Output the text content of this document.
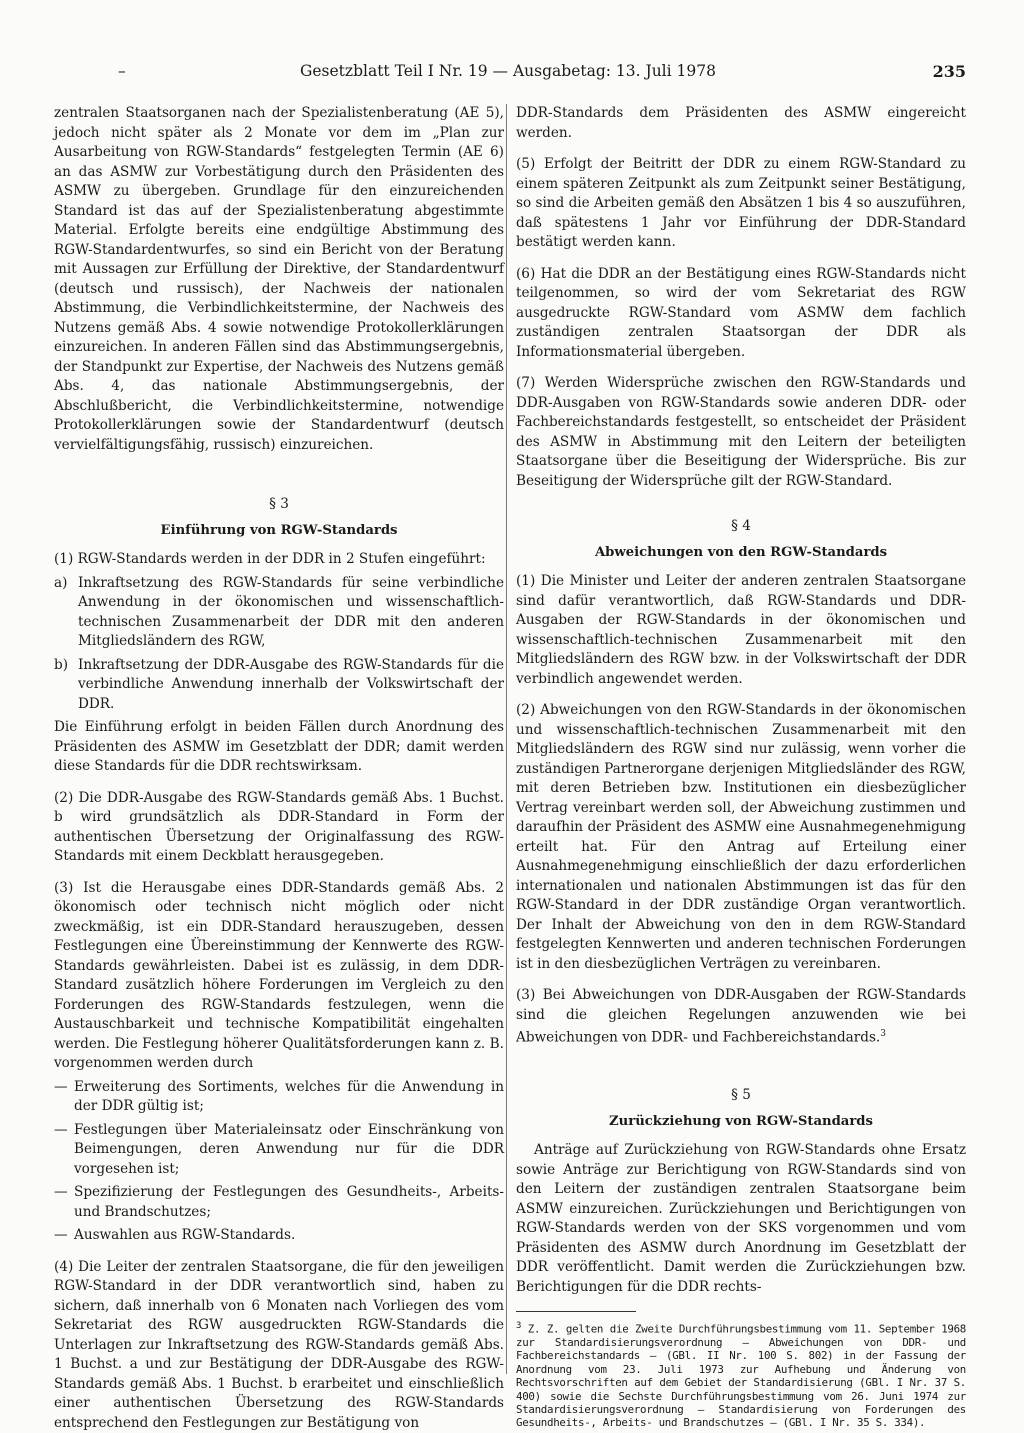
–	Gesetzblatt Teil I Nr. 19 — Ausgabetag: 13. Juli 1978	235

zentralen Staatsorganen nach der Spezialistenberatung (AE 5), jedoch nicht später als 2 Monate vor dem im „Plan zur Ausarbeitung von RGW-Standards“ festgelegten Termin (AE 6) an das ASMW zur Vorbestätigung durch den Präsidenten des ASMW zu übergeben. Grundlage für den einzureichenden Standard ist das auf der Spezialistenberatung abgestimmte Material. Erfolgte bereits eine endgültige Abstimmung des RGW-Standardentwurfes, so sind ein Bericht von der Beratung mit Aussagen zur Erfüllung der Direktive, der Standardentwurf (deutsch und russisch), der Nachweis der nationalen Abstimmung, die Verbindlichkeitstermine, der Nachweis des Nutzens gemäß Abs. 4 sowie notwendige Protokollerklärungen einzureichen. In anderen Fällen sind das Abstimmungsergebnis, der Standpunkt zur Expertise, der Nachweis des Nutzens gemäß Abs. 4, das nationale Abstimmungsergebnis, der Abschlußbericht, die Verbindlichkeitstermine, notwendige Protokollerklärungen sowie der Standardentwurf (deutsch vervielfältigungsfähig, russisch) einzureichen.

§ 3

Einführung von RGW-Standards

(1) RGW-Standards werden in der DDR in 2 Stufen eingeführt:

a) Inkraftsetzung des RGW-Standards für seine verbindliche Anwendung in der ökonomischen und wissenschaftlich-technischen Zusammenarbeit der DDR mit den anderen Mitgliedsländern des RGW,
b) Inkraftsetzung der DDR-Ausgabe des RGW-Standards für die verbindliche Anwendung innerhalb der Volkswirtschaft der DDR.

Die Einführung erfolgt in beiden Fällen durch Anordnung des Präsidenten des ASMW im Gesetzblatt der DDR; damit werden diese Standards für die DDR rechtswirksam.

(2) Die DDR-Ausgabe des RGW-Standards gemäß Abs. 1 Buchst. b wird grundsätzlich als DDR-Standard in Form der authentischen Übersetzung der Originalfassung des RGW-Standards mit einem Deckblatt herausgegeben.

(3) Ist die Herausgabe eines DDR-Standards gemäß Abs. 2 ökonomisch oder technisch nicht möglich oder nicht zweckmäßig, ist ein DDR-Standard herauszugeben, dessen Festlegungen eine Übereinstimmung der Kennwerte des RGW-Standards gewährleisten. Dabei ist es zulässig, in dem DDR-Standard zusätzlich höhere Forderungen im Vergleich zu den Forderungen des RGW-Standards festzulegen, wenn die Austauschbarkeit und technische Kompatibilität eingehalten werden. Die Festlegung höherer Qualitätsforderungen kann z. B. vorgenommen werden durch

— Erweiterung des Sortiments, welches für die Anwendung in der DDR gültig ist;
— Festlegungen über Materialeinsatz oder Einschränkung von Beimengungen, deren Anwendung nur für die DDR vorgesehen ist;
— Spezifizierung der Festlegungen des Gesundheits-, Arbeits- und Brandschutzes;
— Auswahlen aus RGW-Standards.

(4) Die Leiter der zentralen Staatsorgane, die für den jeweiligen RGW-Standard in der DDR verantwortlich sind, haben zu sichern, daß innerhalb von 6 Monaten nach Vorliegen des vom Sekretariat des RGW ausgedruckten RGW-Standards die Unterlagen zur Inkraftsetzung des RGW-Standards gemäß Abs. 1 Buchst. a und zur Bestätigung der DDR-Ausgabe des RGW-Standards gemäß Abs. 1 Buchst. b erarbeitet und einschließlich einer authentischen Übersetzung des RGW-Standards entsprechend den Festlegungen zur Bestätigung von

DDR-Standards dem Präsidenten des ASMW eingereicht werden.

(5) Erfolgt der Beitritt der DDR zu einem RGW-Standard zu einem späteren Zeitpunkt als zum Zeitpunkt seiner Bestätigung, so sind die Arbeiten gemäß den Absätzen 1 bis 4 so auszuführen, daß spätestens 1 Jahr vor Einführung der DDR-Standard bestätigt werden kann.

(6) Hat die DDR an der Bestätigung eines RGW-Standards nicht teilgenommen, so wird der vom Sekretariat des RGW ausgedruckte RGW-Standard vom ASMW dem fachlich zuständigen zentralen Staatsorgan der DDR als Informationsmaterial übergeben.

(7) Werden Widersprüche zwischen den RGW-Standards und DDR-Ausgaben von RGW-Standards sowie anderen DDR- oder Fachbereichstandards festgestellt, so entscheidet der Präsident des ASMW in Abstimmung mit den Leitern der beteiligten Staatsorgane über die Beseitigung der Widersprüche. Bis zur Beseitigung der Widersprüche gilt der RGW-Standard.

§ 4

Abweichungen von den RGW-Standards

(1) Die Minister und Leiter der anderen zentralen Staatsorgane sind dafür verantwortlich, daß RGW-Standards und DDR-Ausgaben der RGW-Standards in der ökonomischen und wissenschaftlich-technischen Zusammenarbeit mit den Mitgliedsländern des RGW bzw. in der Volkswirtschaft der DDR verbindlich angewendet werden.

(2) Abweichungen von den RGW-Standards in der ökonomischen und wissenschaftlich-technischen Zusammenarbeit mit den Mitgliedsländern des RGW sind nur zulässig, wenn vorher die zuständigen Partnerorgane derjenigen Mitgliedsländer des RGW, mit deren Betrieben bzw. Institutionen ein diesbezüglicher Vertrag vereinbart werden soll, der Abweichung zustimmen und daraufhin der Präsident des ASMW eine Ausnahmegenehmigung erteilt hat. Für den Antrag auf Erteilung einer Ausnahmegenehmigung einschließlich der dazu erforderlichen internationalen und nationalen Abstimmungen ist das für den RGW-Standard in der DDR zuständige Organ verantwortlich. Der Inhalt der Abweichung von den in dem RGW-Standard festgelegten Kennwerten und anderen technischen Forderungen ist in den diesbezüglichen Verträgen zu vereinbaren.

(3) Bei Abweichungen von DDR-Ausgaben der RGW-Standards sind die gleichen Regelungen anzuwenden wie bei Abweichungen von DDR- und Fachbereichstandards.$^3$

§ 5

Zurückziehung von RGW-Standards

Anträge auf Zurückziehung von RGW-Standards ohne Ersatz sowie Anträge zur Berichtigung von RGW-Standards sind von den Leitern der zuständigen zentralen Staatsorgane beim ASMW einzureichen. Zurückziehungen und Berichtigungen von RGW-Standards werden von der SKS vorgenommen und vom Präsidenten des ASMW durch Anordnung im Gesetzblatt der DDR veröffentlicht. Damit werden die Zurückziehungen bzw. Berichtigungen für die DDR rechts-

$^3$ Z. Z. gelten die Zweite Durchführungsbestimmung vom 11. September 1968 zur Standardisierungsverordnung — Abweichungen von DDR- und Fachbereichstandards — (GBl. II Nr. 100 S. 802) in der Fassung der Anordnung vom 23. Juli 1973 zur Aufhebung und Änderung von Rechtsvorschriften auf dem Gebiet der Standardisierung (GBl. I Nr. 37 S. 400) sowie die Sechste Durchführungsbestimmung vom 26. Juni 1974 zur Standardisierungsverordnung — Standardisierung von Forderungen des Gesundheits-, Arbeits- und Brandschutzes — (GBl. I Nr. 35 S. 334).
